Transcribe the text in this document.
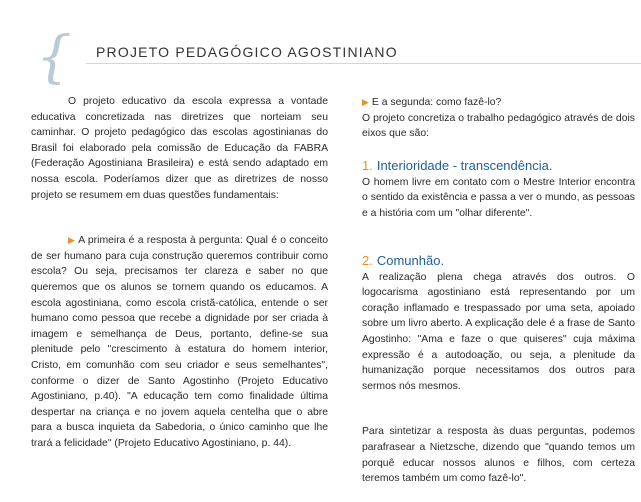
{ PROJETO PEDAGÓGICO AGOSTINIANO

O projeto educativo da escola expressa a vontade educativa concretizada nas diretrizes que norteiam seu caminhar. O projeto pedagógico das escolas agostinianas do Brasil foi elaborado pela comissão de Educação da FABRA (Federação Agostiniana Brasileira) e está sendo adaptado em nossa escola. Poderíamos dizer que as diretrizes de nosso projeto se resumem em duas questões fundamentais:

▶ A primeira é a resposta à pergunta: Qual é o conceito de ser humano para cuja construção queremos contribuir como escola? Ou seja, precisamos ter clareza e saber no que queremos que os alunos se tornem quando os educamos. A escola agostiniana, como escola cristã-católica, entende o ser humano como pessoa que recebe a dignidade por ser criada à imagem e semelhança de Deus, portanto, define-se sua plenitude pelo "crescimento à estatura do homem interior, Cristo, em comunhão com seu criador e seus semelhantes", conforme o dizer de Santo Agostinho (Projeto Educativo Agostiniano, p.40). "A educação tem como finalidade última despertar na criança e no jovem aquela centelha que o abre para a busca inquieta da Sabedoria, o único caminho que lhe trará a felicidade" (Projeto Educativo Agostiniano, p. 44).

▶ E a segunda: como fazê-lo?

O projeto concretiza o trabalho pedagógico através de dois eixos que são:

1. Interioridade - transcendência.

O homem livre em contato com o Mestre Interior encontra o sentido da existência e passa a ver o mundo, as pessoas e a história com um "olhar diferente".

2. Comunhão.

A realização plena chega através dos outros. O logocarisma agostiniano está representando por um coração inflamado e trespassado por uma seta, apoiado sobre um livro aberto. A explicação dele é a frase de Santo Agostinho: "Ama e faze o que quiseres" cuja máxima expressão é a autodoação, ou seja, a plenitude da humanização porque necessitamos dos outros para sermos nós mesmos.

Para sintetizar a resposta às duas perguntas, podemos parafrasear a Nietzsche, dizendo que "quando temos um porquê educar nossos alunos e filhos, com certeza teremos também um como fazê-lo".
